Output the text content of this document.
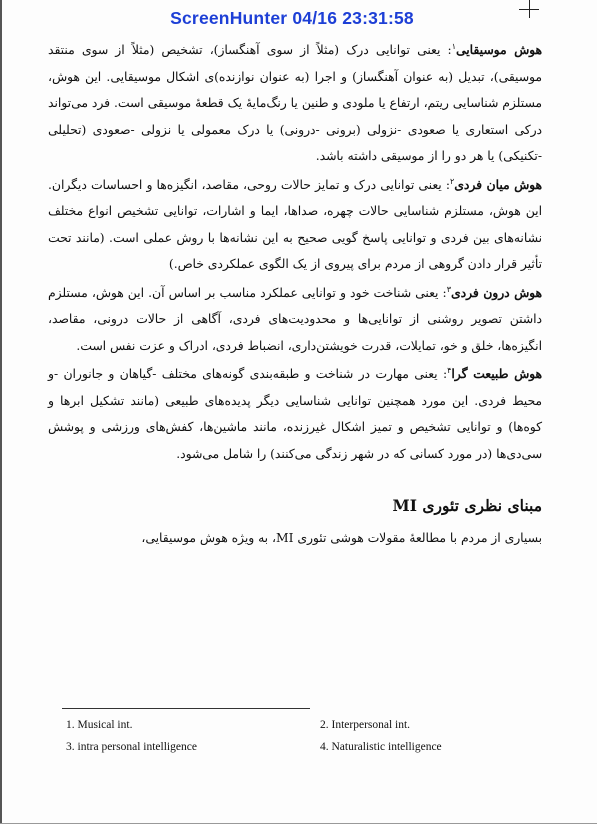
ScreenHunter 04/16 23:31:58

هوش موسیقایی$^۱$: یعنی توانایی درک (مثلاً از سوی آهنگساز)، تشخیص (مثلاً از سوی منتقد موسیقی)، تبدیل (به عنوان آهنگساز) و اجرا (به عنوان نوازنده)ی اشکال موسیقایی. این هوش، مستلزم شناسایی ریتم، ارتفاع یا ملودی و طنین یا رنگ‌مایهٔ یک قطعهٔ موسیقی است. فرد می‌تواند درکی استعاری یا صعودی -نزولی (برونی -درونی) یا درک معمولی یا نزولی -صعودی (تحلیلی -تکنیکی) یا هر دو را از موسیقی داشته باشد.

هوش میان فردی$^۲$: یعنی توانایی درک و تمایز حالات روحی، مقاصد، انگیزه‌ها و احساسات دیگران. این هوش، مستلزم شناسایی حالات چهره، صداها، ایما و اشارات، توانایی تشخیص انواع مختلف نشانه‌های بین فردی و توانایی پاسخ گویی صحیح به این نشانه‌ها با روش عملی است. (مانند تحت تأثیر قرار دادن گروهی از مردم برای پیروی از یک الگوی عملکردی خاص.)

هوش درون فردی$^۳$: یعنی شناخت خود و توانایی عملکرد مناسب بر اساس آن. این هوش، مستلزم داشتن تصویر روشنی از توانایی‌ها و محدودیت‌های فردی، آگاهی از حالات درونی، مقاصد، انگیزه‌ها، خلق و خو، تمایلات، قدرت خویشتن‌داری، انضباط فردی، ادراک و عزت نفس است.

هوش طبیعت گرا$^۴$: یعنی مهارت در شناخت و طبقه‌بندی گونه‌های مختلف -گیاهان و جانوران -و محیط فردی. این مورد همچنین توانایی شناسایی دیگر پدیده‌های طبیعی (مانند تشکیل ابرها و کوه‌ها) و توانایی تشخیص و تمیز اشکال غیرزنده، مانند ماشین‌ها، کفش‌های ورزشی و پوشش سی‌دی‌ها (در مورد کسانی که در شهر زندگی می‌کنند) را شامل می‌شود.

مبنای نظری تئوری MI

بسیاری از مردم با مطالعهٔ مقولات هوشی تئوری MI، به ویژه هوش موسیقایی،

1. Musical int.	2. Interpersonal int.
3. intra personal intelligence	4. Naturalistic intelligence
